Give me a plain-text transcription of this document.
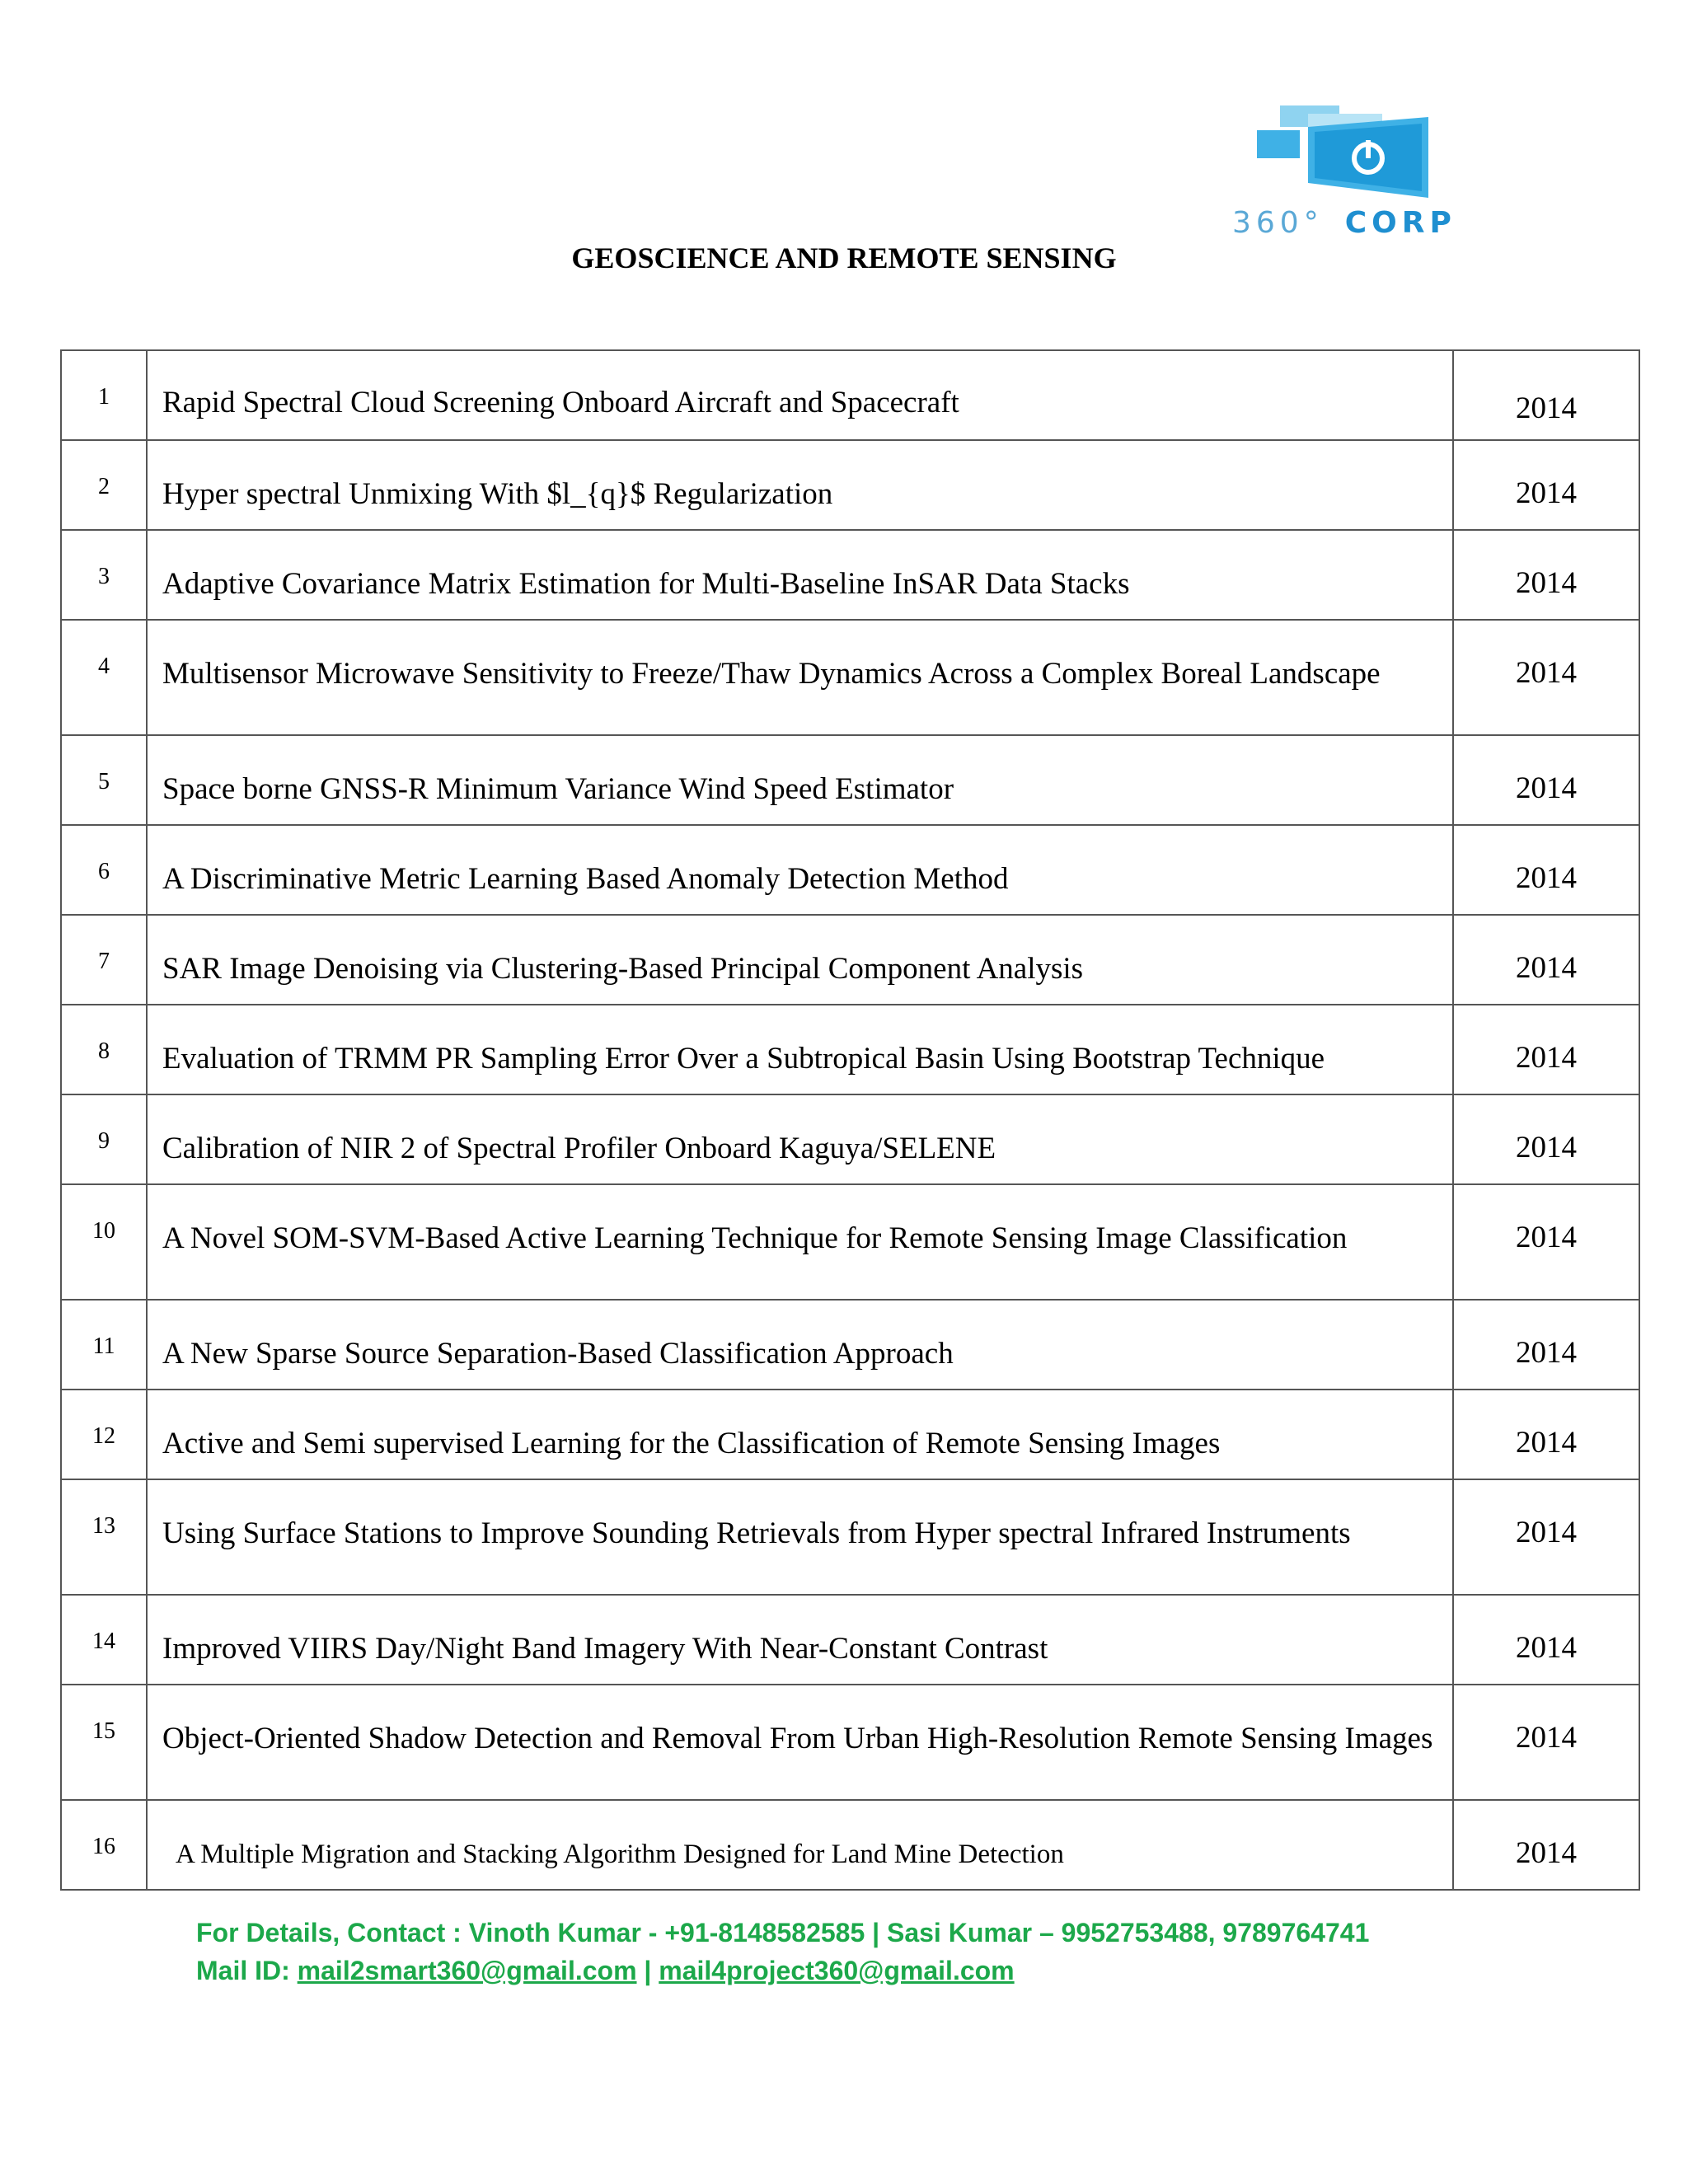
360° CORP
GEOSCIENCE AND REMOTE SENSING
1	Rapid Spectral Cloud Screening Onboard Aircraft and Spacecraft	2014
2	Hyper spectral Unmixing With $l_{q}$ Regularization	2014
3	Adaptive Covariance Matrix Estimation for Multi-Baseline InSAR Data Stacks	2014
4	Multisensor Microwave Sensitivity to Freeze/Thaw Dynamics Across a Complex Boreal Landscape	2014
5	Space borne GNSS-R Minimum Variance Wind Speed Estimator	2014
6	A Discriminative Metric Learning Based Anomaly Detection Method	2014
7	SAR Image Denoising via Clustering-Based Principal Component Analysis	2014
8	Evaluation of TRMM PR Sampling Error Over a Subtropical Basin Using Bootstrap Technique	2014
9	Calibration of NIR 2 of Spectral Profiler Onboard Kaguya/SELENE	2014
10	A Novel SOM-SVM-Based Active Learning Technique for Remote Sensing Image Classification	2014
11	A New Sparse Source Separation-Based Classification Approach	2014
12	Active and Semi supervised Learning for the Classification of Remote Sensing Images	2014
13	Using Surface Stations to Improve Sounding Retrievals from Hyper spectral Infrared Instruments	2014
14	Improved VIIRS Day/Night Band Imagery With Near-Constant Contrast	2014
15	Object-Oriented Shadow Detection and Removal From Urban High-Resolution Remote Sensing Images	2014
16	A Multiple Migration and Stacking Algorithm Designed for Land Mine Detection	2014
For Details, Contact : Vinoth Kumar - +91-8148582585 | Sasi Kumar – 9952753488, 9789764741
Mail ID: mail2smart360@gmail.com | mail4project360@gmail.com
